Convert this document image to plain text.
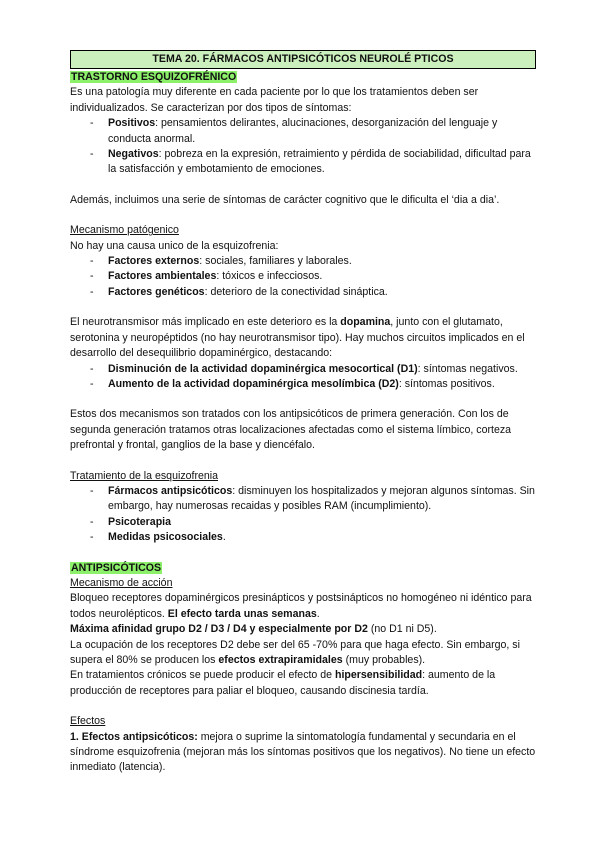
TEMA 20. FÁRMACOS ANTIPSICÓTICOS NEUROLÉ PTICOS

TRASTORNO ESQUIZOFRÉNICO

Es una patología muy diferente en cada paciente por lo que los tratamientos deben ser individualizados. Se caracterizan por dos tipos de síntomas:

- Positivos: pensamientos delirantes, alucinaciones, desorganización del lenguaje y conducta anormal.
- Negativos: pobreza en la expresión, retraimiento y pérdida de sociabilidad, dificultad para la satisfacción y embotamiento de emociones.

Además, incluimos una serie de síntomas de carácter cognitivo que le dificulta el ‘dia a dia’.

Mecanismo patógenico

No hay una causa unico de la esquizofrenia:

- Factores externos: sociales, familiares y laborales.
- Factores ambientales: tóxicos e infecciosos.
- Factores genéticos: deterioro de la conectividad sináptica.

El neurotransmisor más implicado en este deterioro es la dopamina, junto con el glutamato, serotonina y neuropéptidos (no hay neurotransmisor tipo). Hay muchos circuitos implicados en el desarrollo del desequilibrio dopaminérgico, destacando:

- Disminución de la actividad dopaminérgica mesocortical (D1): síntomas negativos.
- Aumento de la actividad dopaminérgica mesolímbica (D2): síntomas positivos.

Estos dos mecanismos son tratados con los antipsicóticos de primera generación. Con los de segunda generación tratamos otras localizaciones afectadas como el sistema límbico, corteza prefrontal y frontal, ganglios de la base y diencéfalo.

Tratamiento de la esquizofrenia

- Fármacos antipsicóticos: disminuyen los hospitalizados y mejoran algunos síntomas. Sin embargo, hay numerosas recaidas y posibles RAM (incumplimiento).
- Psicoterapia
- Medidas psicosociales.

ANTIPSICÓTICOS

Mecanismo de acción

Bloqueo receptores dopaminérgicos presinápticos y postsinápticos no homogéneo ni idéntico para todos neurolépticos. El efecto tarda unas semanas.

Máxima afinidad grupo D2 / D3 / D4 y especialmente por D2 (no D1 ni D5).

La ocupación de los receptores D2 debe ser del 65 -70% para que haga efecto. Sin embargo, si supera el 80% se producen los efectos extrapiramidales (muy probables).

En tratamientos crónicos se puede producir el efecto de hipersensibilidad: aumento de la producción de receptores para paliar el bloqueo, causando discinesia tardía.

Efectos

1. Efectos antipsicóticos: mejora o suprime la sintomatología fundamental y secundaria en el síndrome esquizofrenia (mejoran más los síntomas positivos que los negativos). No tiene un efecto inmediato (latencia).
